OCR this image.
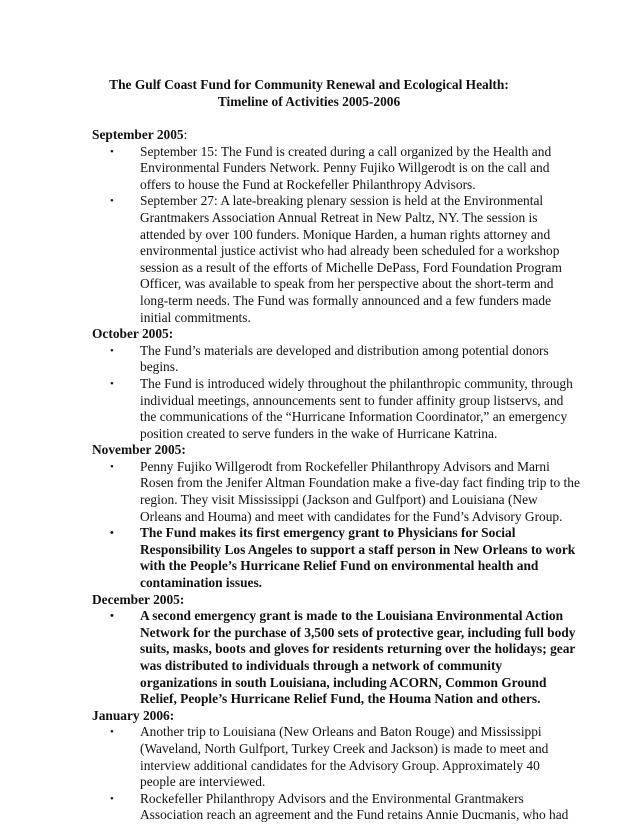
The Gulf Coast Fund for Community Renewal and Ecological Health:
Timeline of Activities 2005-2006
September 2005:
• September 15: The Fund is created during a call organized by the Health and
Environmental Funders Network. Penny Fujiko Willgerodt is on the call and
offers to house the Fund at Rockefeller Philanthropy Advisors.
• September 27: A late-breaking plenary session is held at the Environmental
Grantmakers Association Annual Retreat in New Paltz, NY. The session is
attended by over 100 funders. Monique Harden, a human rights attorney and
environmental justice activist who had already been scheduled for a workshop
session as a result of the efforts of Michelle DePass, Ford Foundation Program
Officer, was available to speak from her perspective about the short-term and
long-term needs. The Fund was formally announced and a few funders made
initial commitments.
October 2005:
• The Fund’s materials are developed and distribution among potential donors
begins.
• The Fund is introduced widely throughout the philanthropic community, through
individual meetings, announcements sent to funder affinity group listservs, and
the communications of the “Hurricane Information Coordinator,” an emergency
position created to serve funders in the wake of Hurricane Katrina.
November 2005:
• Penny Fujiko Willgerodt from Rockefeller Philanthropy Advisors and Marni
Rosen from the Jenifer Altman Foundation make a five-day fact finding trip to the
region. They visit Mississippi (Jackson and Gulfport) and Louisiana (New
Orleans and Houma) and meet with candidates for the Fund’s Advisory Group.
• The Fund makes its first emergency grant to Physicians for Social
Responsibility Los Angeles to support a staff person in New Orleans to work
with the People’s Hurricane Relief Fund on environmental health and
contamination issues.
December 2005:
• A second emergency grant is made to the Louisiana Environmental Action
Network for the purchase of 3,500 sets of protective gear, including full body
suits, masks, boots and gloves for residents returning over the holidays; gear
was distributed to individuals through a network of community
organizations in south Louisiana, including ACORN, Common Ground
Relief, People’s Hurricane Relief Fund, the Houma Nation and others.
January 2006:
• Another trip to Louisiana (New Orleans and Baton Rouge) and Mississippi
(Waveland, North Gulfport, Turkey Creek and Jackson) is made to meet and
interview additional candidates for the Advisory Group. Approximately 40
people are interviewed.
• Rockefeller Philanthropy Advisors and the Environmental Grantmakers
Association reach an agreement and the Fund retains Annie Ducmanis, who had
